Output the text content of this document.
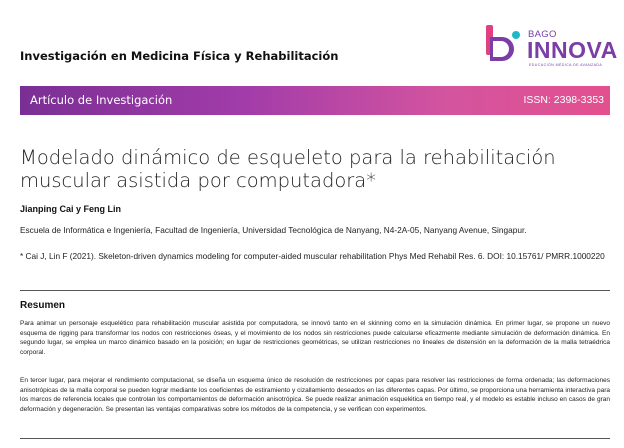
Investigación en Medicina Física y Rehabilitación
BAGO
INNOVA
EDUCACIÓN MÉDICA DE AVANZADA
Artículo de Investigación	ISSN: 2398-3353
Modelado dinámico de esqueleto para la rehabilitación muscular asistida por computadora*
Jianping Cai y Feng Lin
Escuela de Informática e Ingeniería, Facultad de Ingeniería, Universidad Tecnológica de Nanyang, N4-2A-05, Nanyang Avenue, Singapur.
* Cai J, Lin F (2021). Skeleton-driven dynamics modeling for computer-aided muscular rehabilitation Phys Med Rehabil Res. 6. DOI: 10.15761/ PMRR.1000220
Resumen

Para animar un personaje esquelético para rehabilitación muscular asistida por computadora, se innovó tanto en el skinning como en la simulación dinámica. En primer lugar, se propone un nuevo esquema de rigging para transformar los nodos con restricciones óseas, y el movimiento de los nodos sin restricciones puede calcularse eficazmente mediante simulación de deformación dinámica. En segundo lugar, se emplea un marco dinámico basado en la posición; en lugar de restricciones geométricas, se utilizan restricciones no lineales de distensión en la deformación de la malla tetraédrica corporal.

En tercer lugar, para mejorar el rendimiento computacional, se diseña un esquema único de resolución de restricciones por capas para resolver las restricciones de forma ordenada; las deformaciones anisotrópicas de la malla corporal se pueden lograr mediante los coeficientes de estiramiento y cizallamiento deseados en las diferentes capas. Por último, se proporciona una herramienta interactiva para los marcos de referencia locales que controlan los comportamientos de deformación anisotrópica. Se puede realizar animación esquelética en tiempo real, y el modelo es estable incluso en casos de gran deformación y degeneración. Se presentan las ventajas comparativas sobre los métodos de la competencia, y se verifican con experimentos.
